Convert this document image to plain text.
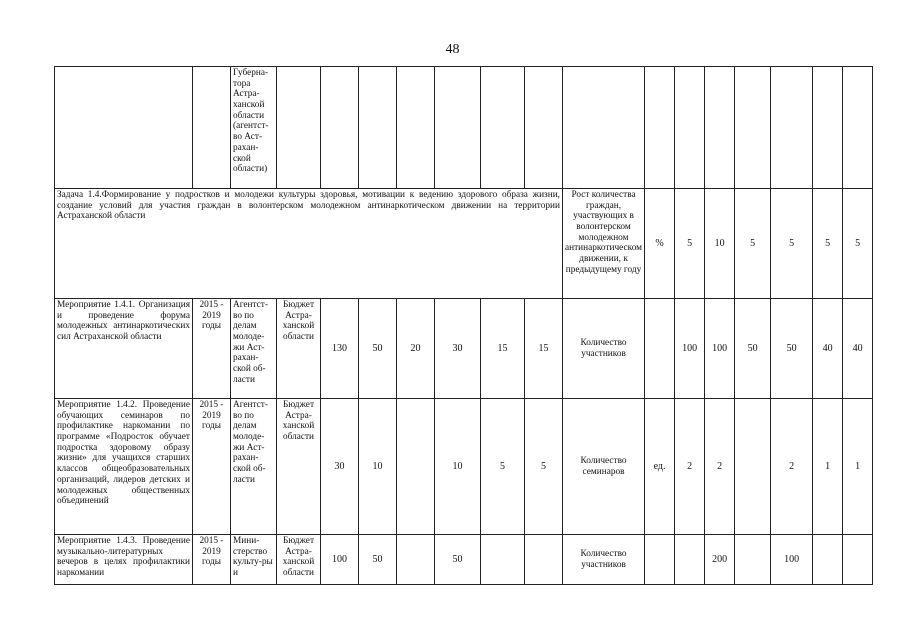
48
		Губерна-тора Астра-ханской области (агентст-во Аст-рахан-ской области)															
Задача 1.4.Формирование у подростков и молодежи культуры здоровья, мотивации к ведению здорового образа жизни, создание условий для участия граждан в волонтерском молодежном антинаркотическом движении на территории Астраханской области										Рост количества граждан, участвующих в волонтерском молодежном антинаркотическом движении, к предыдущему году	%	5	10	5	5	5	5
Мероприятие 1.4.1. Организация и проведение форума молодежных антинаркотических сил Астраханской области	2015 - 2019 годы	Агентст-во по делам молоде-жи Аст-рахан-ской об-ласти	Бюджет Астра-ханской области	130	50	20	30	15	15	Количество участников		100	100	50	50	40	40
Мероприятие 1.4.2. Проведение обучающих семинаров по профилактике наркомании по программе «Подросток обучает подростка здоровому образу жизни» для учащихся старших классов общеобразовательных организаций, лидеров детских и молодежных общественных объединений	2015 - 2019 годы	Агентст-во по делам молоде-жи Аст-рахан-ской об-ласти	Бюджет Астра-ханской области	30	10		10	5	5	Количество семинаров	ед.	2	2		2	1	1
Мероприятие 1.4.3. Проведение музыкально-литературных вечеров в целях профилактики наркомании	2015 - 2019 годы	Мини-стерство культу-ры и	Бюджет Астра-ханской области	100	50		50			Количество участников			200		100		
